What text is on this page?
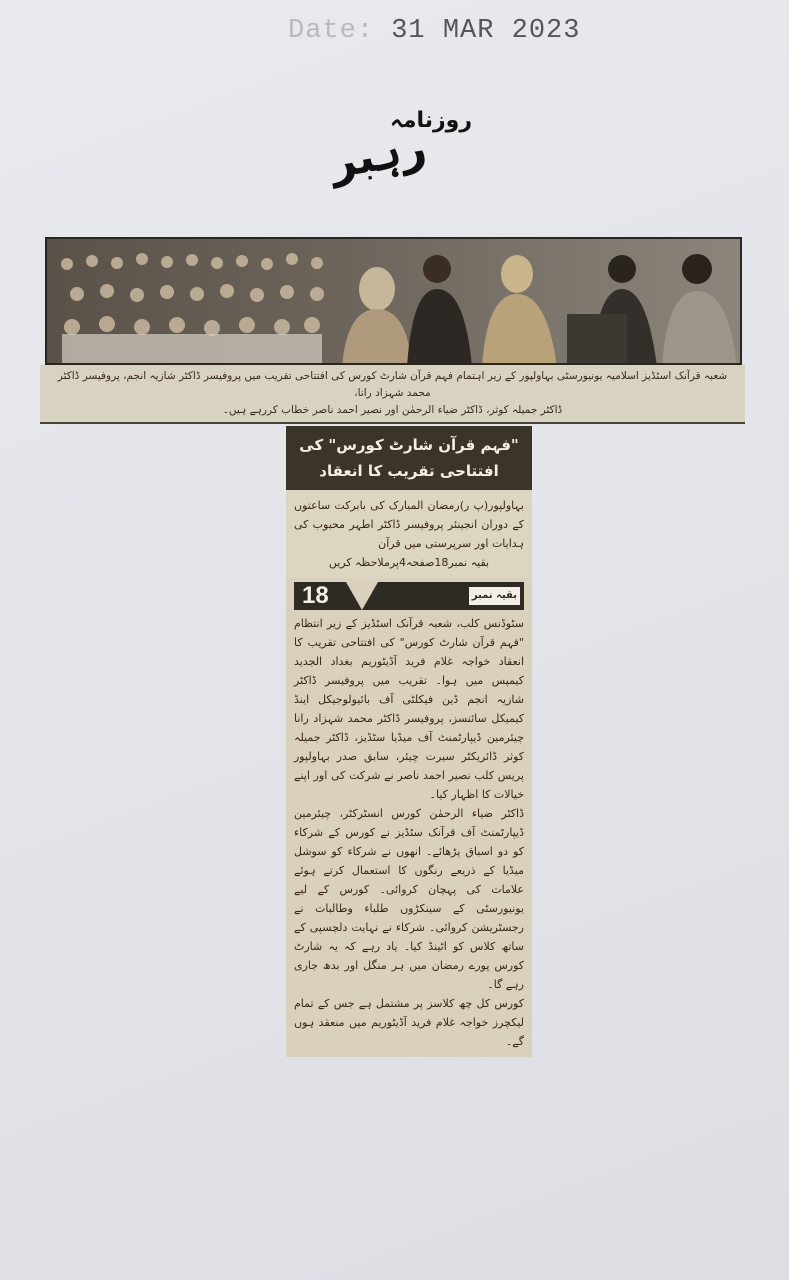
Date: 31 MAR 2023
روزنامہ
رہبر
شعبہ قرآنک اسٹڈیز اسلامیہ یونیورسٹی بہاولپور کے زیر اہتمام فہم قرآن شارٹ کورس کی افتتاحی تقریب میں پروفیسر ڈاکٹر شازیہ انجم، پروفیسر ڈاکٹر محمد شہزاد رانا،
ڈاکٹر جمیلہ کوثر، ڈاکٹر ضیاء الرحمٰن اور نصیر احمد ناصر خطاب کررہے ہیں۔
"فہم قرآن شارٹ کورس" کی
افتتاحی تقریب کا انعقاد
بہاولپور(پ ر)رمضان المبارک کی بابرکت ساعتوں کے دوران انجینئر پروفیسر ڈاکٹر اطہر محبوب کی ہدایات اور سرپرستی میں قرآن
بقیہ نمبر18صفحہ4پرملاحظہ کریں
18	بقیہ نمبر

سٹوڈنس کلب، شعبہ قرآنک اسٹڈیز کے زیر انتظام "فہم قرآن شارٹ کورس" کی افتتاحی تقریب کا انعقاد خواجہ غلام فرید آڈیٹوریم بغداد الجدید کیمپس میں ہوا۔ تقریب میں پروفیسر ڈاکٹر شازیہ انجم ڈین فیکلٹی آف بائیولوجیکل اینڈ کیمیکل سائنسز، پروفیسر ڈاکٹر محمد شہزاد رانا چیئرمین ڈیپارٹمنٹ آف میڈیا سٹڈیز، ڈاکٹر جمیلہ کوثر ڈائریکٹر سیرت چیئر، سابق صدر بہاولپور پریس کلب نصیر احمد ناصر نے شرکت کی اور اپنے خیالات کا اظہار کیا۔

ڈاکٹر ضیاء الرحمٰن کورس انسٹرکٹر، چیئرمین ڈیپارٹمنٹ آف قرآنک سٹڈیز نے کورس کے شرکاء کو دو اسباق پڑھائے۔ انھوں نے شرکاء کو سوشل میڈیا کے ذریعے رنگوں کا استعمال کرتے ہوئے علامات کی پہچان کروائی۔ کورس کے لیے یونیورسٹی کے سینکڑوں طلباء وطالبات نے رجسٹریشن کروائی۔ شرکاء نے نہایت دلچسپی کے ساتھ کلاس کو اٹینڈ کیا۔ یاد رہے کہ یہ شارٹ کورس پورے رمضان میں ہر منگل اور بدھ جاری رہے گا۔

کورس کل چھ کلاسز پر مشتمل ہے جس کے تمام لیکچرز خواجہ غلام فرید آڈیٹوریم میں منعقد ہوں گے۔
